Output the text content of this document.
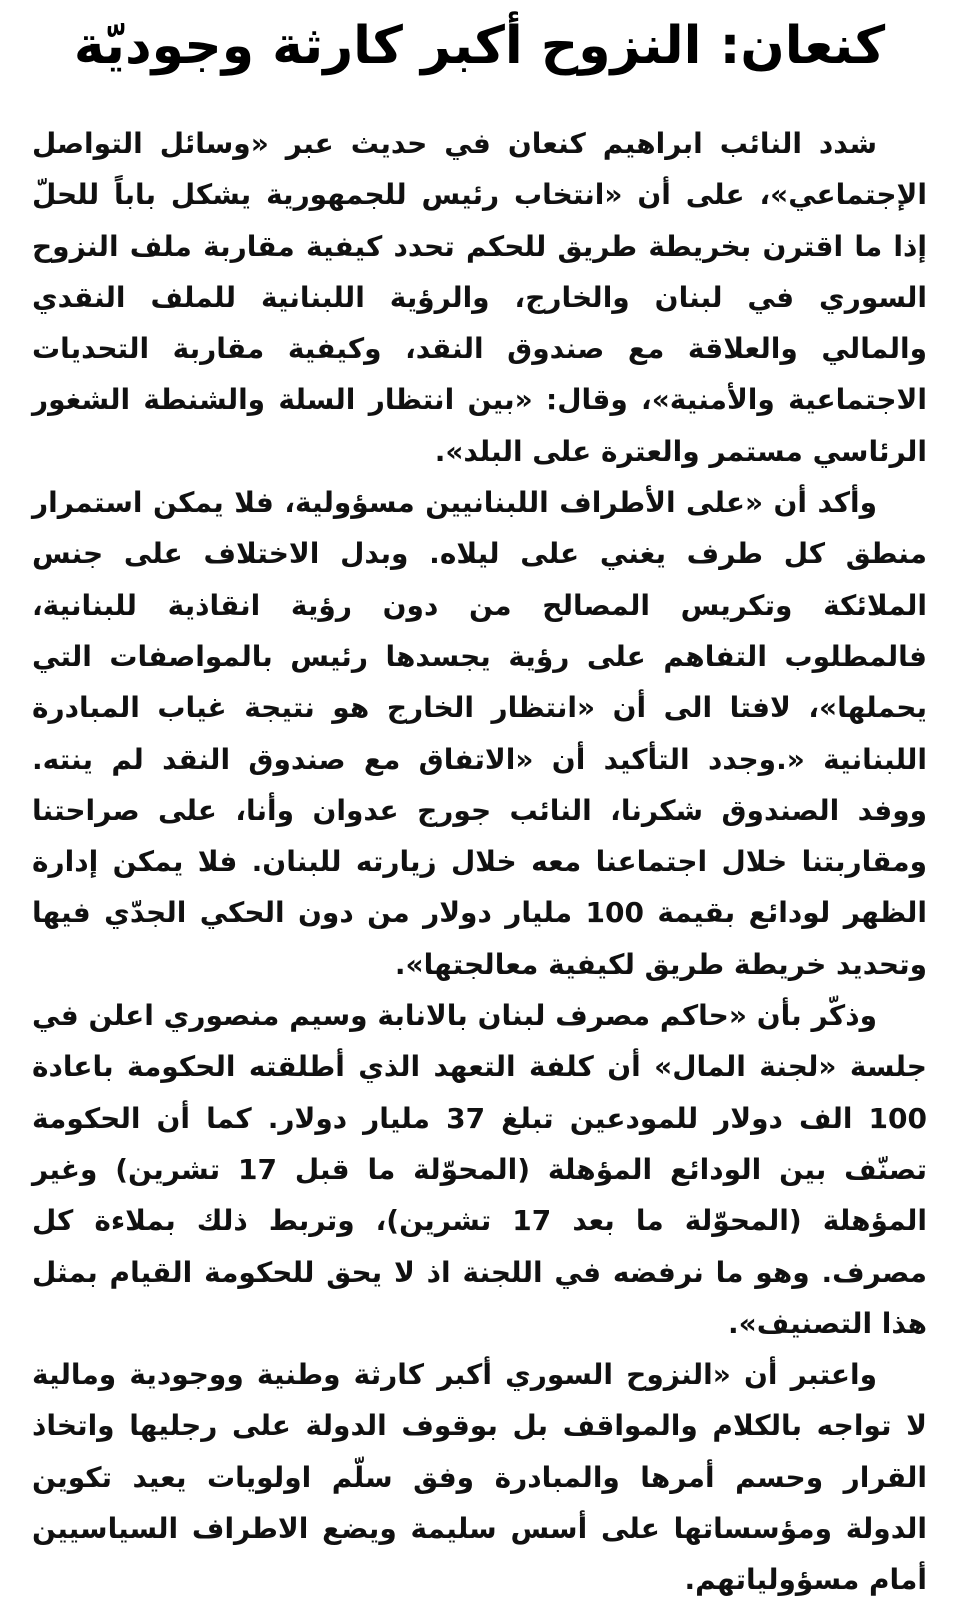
كنعان: النزوح أكبر كارثة وجوديّة

شدد النائب ابراهيم كنعان في حديث عبر «وسائل التواصل الإجتماعي»، على أن «انتخاب رئيس للجمهورية يشكل باباً للحلّ إذا ما اقترن بخريطة طريق للحكم تحدد كيفية مقاربة ملف النزوح السوري في لبنان والخارج، والرؤية اللبنانية للملف النقدي والمالي والعلاقة مع صندوق النقد، وكيفية مقاربة التحديات الاجتماعية والأمنية»، وقال: «بين انتظار السلة والشنطة الشغور الرئاسي مستمر والعترة على البلد».

وأكد أن «على الأطراف اللبنانيين مسؤولية، فلا يمكن استمرار منطق كل طرف يغني على ليلاه. وبدل الاختلاف على جنس الملائكة وتكريس المصالح من دون رؤية انقاذية للبنانية، فالمطلوب التفاهم على رؤية يجسدها رئيس بالمواصفات التي يحملها»، لافتا الى أن «انتظار الخارج هو نتيجة غياب المبادرة اللبنانية «.وجدد التأكيد أن «الاتفاق مع صندوق النقد لم ينته. ووفد الصندوق شكرنا، النائب جورج عدوان وأنا، على صراحتنا ومقاربتنا خلال اجتماعنا معه خلال زيارته للبنان. فلا يمكن إدارة الظهر لودائع بقيمة 100 مليار دولار من دون الحكي الجدّي فيها وتحديد خريطة طريق لكيفية معالجتها».

وذكّر بأن «حاكم مصرف لبنان بالانابة وسيم منصوري اعلن في جلسة «لجنة المال» أن كلفة التعهد الذي أطلقته الحكومة باعادة 100 الف دولار للمودعين تبلغ 37 مليار دولار. كما أن الحكومة تصنّف بين الودائع المؤهلة (المحوّلة ما قبل 17 تشرين) وغير المؤهلة (المحوّلة ما بعد 17 تشرين)، وتربط ذلك بملاءة كل مصرف. وهو ما نرفضه في اللجنة اذ لا يحق للحكومة القيام بمثل هذا التصنيف».

واعتبر أن «النزوح السوري أكبر كارثة وطنية ووجودية ومالية لا تواجه بالكلام والمواقف بل بوقوف الدولة على رجليها واتخاذ القرار وحسم أمرها والمبادرة وفق سلّم اولويات يعيد تكوين الدولة ومؤسساتها على أسس سليمة ويضع الاطراف السياسيين أمام مسؤولياتهم.
